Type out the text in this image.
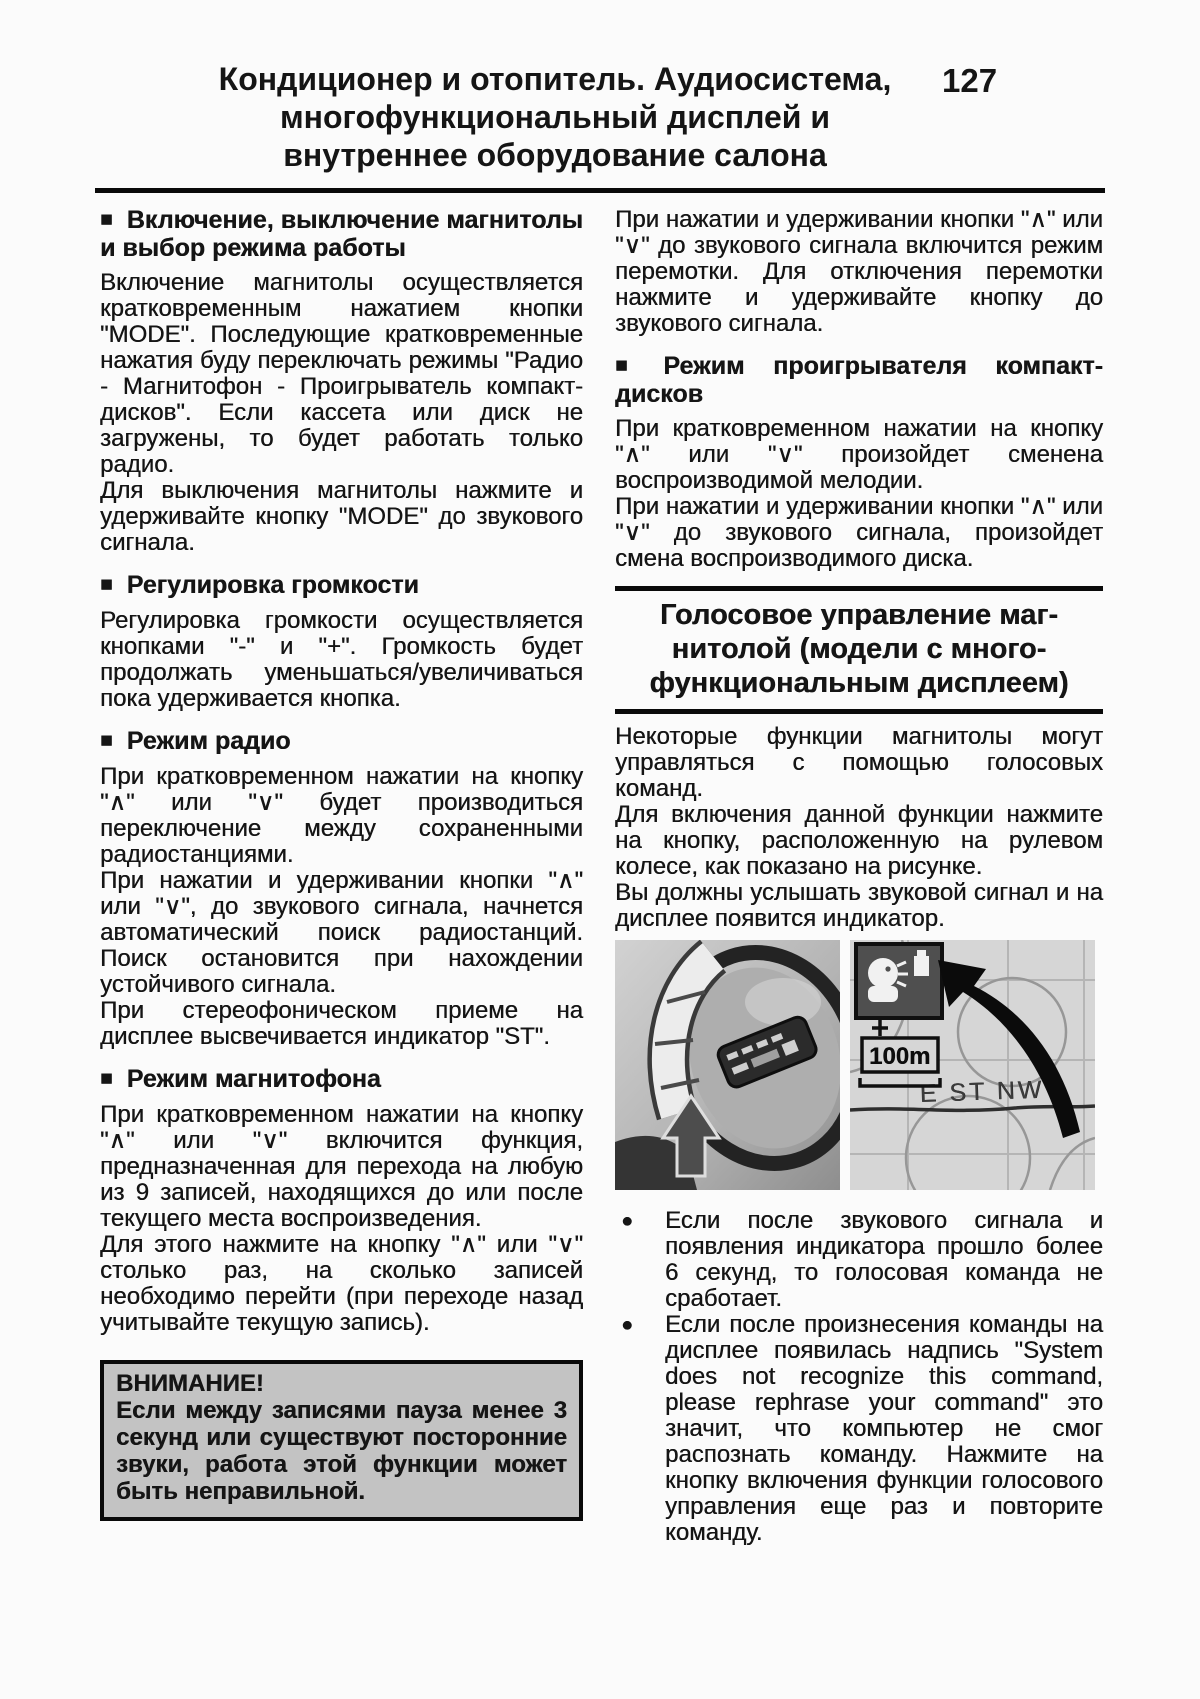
Кондиционер и отопитель. Аудиосистема,
многофункциональный дисплей и
внутреннее оборудование салона
127
■ Включение, выключение магнитолы и выбор режима работы

Включение магнитолы осуществляется кратковременным нажатием кнопки "MODE". Последующие кратковременные нажатия буду переключать режимы "Радио - Магнитофон - Проигрыватель компакт-дисков". Если кассета или диск не загружены, то будет работать только радио.

Для выключения магнитолы нажмите и удерживайте кнопку "MODE" до звукового сигнала.

■ Регулировка громкости

Регулировка громкости осуществляется кнопками "-" и "+". Громкость будет продолжать уменьшаться/увеличиваться пока удерживается кнопка.

■ Режим радио

При кратковременном нажатии на кнопку "∧" или "∨" будет производиться переключение между сохраненными радиостанциями.

При нажатии и удерживании кнопки "∧" или "∨", до звукового сигнала, начнется автоматический поиск радиостанций. Поиск остановится при нахождении устойчивого сигнала.

При стереофоническом приеме на дисплее высвечивается индикатор "ST".

■ Режим магнитофона

При кратковременном нажатии на кнопку "∧" или "∨" включится функция, предназначенная для перехода на любую из 9 записей, находящихся до или после текущего места воспроизведения.

Для этого нажмите на кнопку "∧" или "∨" столько раз, на сколько записей необходимо перейти (при переходе назад учитывайте текущую запись).

ВНИМАНИЕ!
Если между записями пауза менее 3 секунд или существуют посторонние звуки, работа этой функции может быть неправильной.

При нажатии и удерживании кнопки "∧" или "∨" до звукового сигнала включится режим перемотки. Для отключения перемотки нажмите и удерживайте кнопку до звукового сигнала.

■ Режим проигрывателя компакт-дисков

При кратковременном нажатии на кнопку "∧" или "∨" произойдет сменена воспроизводимой мелодии.

При нажатии и удерживании кнопки "∧" или "∨" до звукового сигнала, произойдет смена воспроизводимого диска.

Голосовое управление маг-
нитолой (модели с много-
функциональным дисплеем)

Некоторые функции магнитолы могут управляться с помощью голосовых команд.

Для включения данной функции нажмите на кнопку, расположенную на рулевом колесе, как показано на рисунке.

Вы должны услышать звуковой сигнал и на дисплее появится индикатор.

E ST NW
100m
● Если после звукового сигнала и появления индикатора прошло более 6 секунд, то голосовая команда не сработает.
● Если после произнесения команды на дисплее появилась надпись "System does not recognize this command, please rephrase your command" это значит, что компьютер не смог распознать команду. Нажмите на кнопку включения функции голосового управления еще раз и повторите команду.
